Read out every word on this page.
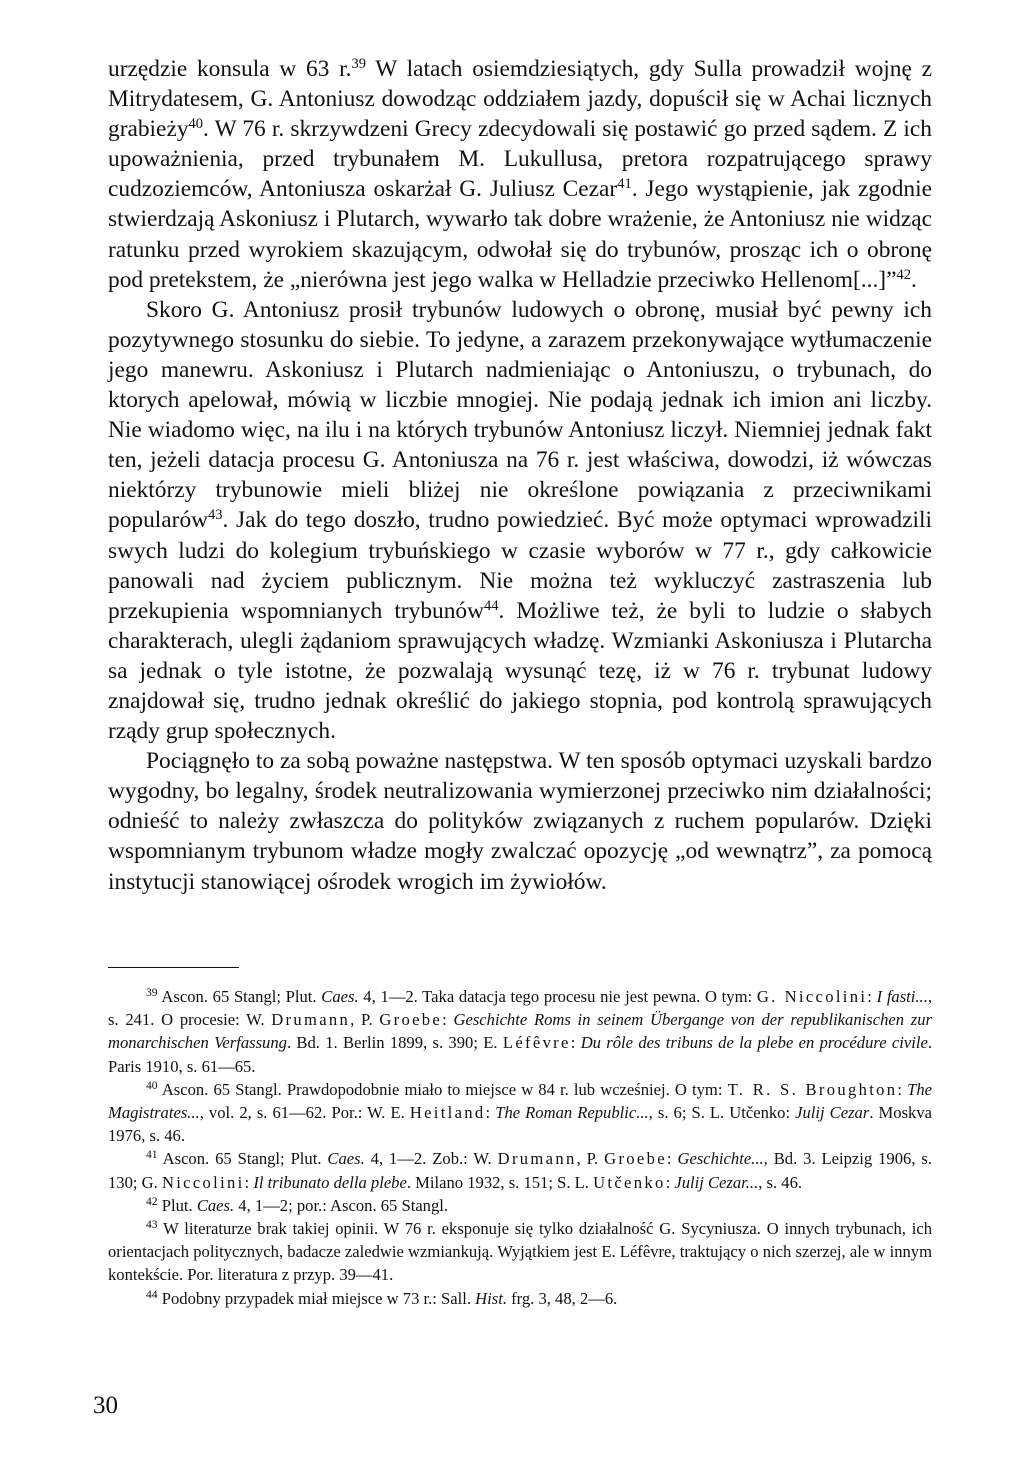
urzędzie konsula w 63 r.$^{39}$ W latach osiemdziesiątych, gdy Sulla prowadził wojnę z Mitrydatesem, G. Antoniusz dowodząc oddziałem jazdy, dopuścił się w Achai licznych grabieży$^{40}$. W 76 r. skrzywdzeni Grecy zdecydowali się postawić go przed sądem. Z ich upoważnienia, przed trybunałem M. Lukullusa, pretora rozpatrującego sprawy cudzoziemców, Antoniusza oskarżał G. Juliusz Cezar$^{41}$. Jego wystąpienie, jak zgodnie stwierdzają Askoniusz i Plutarch, wywarło tak dobre wrażenie, że Antoniusz nie widząc ratunku przed wyrokiem skazującym, odwołał się do trybunów, prosząc ich o obronę pod pretekstem, że „nierówna jest jego walka w Helladzie przeciwko Hellenom[...]”$^{42}$.

Skoro G. Antoniusz prosił trybunów ludowych o obronę, musiał być pewny ich pozytywnego stosunku do siebie. To jedyne, a zarazem przekonywające wytłumaczenie jego manewru. Askoniusz i Plutarch nadmieniając o Antoniuszu, o trybunach, do ktorych apelował, mówią w liczbie mnogiej. Nie podają jednak ich imion ani liczby. Nie wiadomo więc, na ilu i na których trybunów Antoniusz liczył. Niemniej jednak fakt ten, jeżeli datacja procesu G. Antoniusza na 76 r. jest właściwa, dowodzi, iż wówczas niektórzy trybunowie mieli bliżej nie określone powiązania z przeciwnikami popularów$^{43}$. Jak do tego doszło, trudno powiedzieć. Być może optymaci wprowadzili swych ludzi do kolegium trybuńskiego w czasie wyborów w 77 r., gdy całkowicie panowali nad życiem publicznym. Nie można też wykluczyć zastraszenia lub przekupienia wspomnianych trybunów$^{44}$. Możliwe też, że byli to ludzie o słabych charakterach, ulegli żądaniom sprawujących władzę. Wzmianki Askoniusza i Plutarcha sa jednak o tyle istotne, że pozwalają wysunąć tezę, iż w 76 r. trybunat ludowy znajdował się, trudno jednak określić do jakiego stopnia, pod kontrolą sprawujących rządy grup społecznych.

Pociągnęło to za sobą poważne następstwa. W ten sposób optymaci uzyskali bardzo wygodny, bo legalny, środek neutralizowania wymierzonej przeciwko nim działalności; odnieść to należy zwłaszcza do polityków związanych z ruchem popularów. Dzięki wspomnianym trybunom władze mogły zwalczać opozycję „od wewnątrz”, za pomocą instytucji stanowiącej ośrodek wrogich im żywiołów.

$^{39}$ Ascon. 65 Stangl; Plut. Caes. 4, 1—2. Taka datacja tego procesu nie jest pewna. O tym: G. Niccolini: I fasti..., s. 241. O procesie: W. Drumann, P. Groebe: Geschichte Roms in seinem Übergange von der republikanischen zur monarchischen Verfassung. Bd. 1. Berlin 1899, s. 390; E. Léfêvre: Du rôle des tribuns de la plebe en procédure civile. Paris 1910, s. 61—65.

$^{40}$ Ascon. 65 Stangl. Prawdopodobnie miało to miejsce w 84 r. lub wcześniej. O tym: T. R. S. Broughton: The Magistrates..., vol. 2, s. 61—62. Por.: W. E. Heitland: The Roman Republic..., s. 6; S. L. Utčenko: Julij Cezar. Moskva 1976, s. 46.

$^{41}$ Ascon. 65 Stangl; Plut. Caes. 4, 1—2. Zob.: W. Drumann, P. Groebe: Geschichte..., Bd. 3. Leipzig 1906, s. 130; G. Niccolini: Il tribunato della plebe. Milano 1932, s. 151; S. L. Utčenko: Julij Cezar..., s. 46.

$^{42}$ Plut. Caes. 4, 1—2; por.: Ascon. 65 Stangl.

$^{43}$ W literaturze brak takiej opinii. W 76 r. eksponuje się tylko działalność G. Sycyniusza. O innych trybunach, ich orientacjach politycznych, badacze zaledwie wzmiankują. Wyjątkiem jest E. Léfêvre, traktujący o nich szerzej, ale w innym kontekście. Por. literatura z przyp. 39—41.

$^{44}$ Podobny przypadek miał miejsce w 73 r.: Sall. Hist. frg. 3, 48, 2—6.

30
